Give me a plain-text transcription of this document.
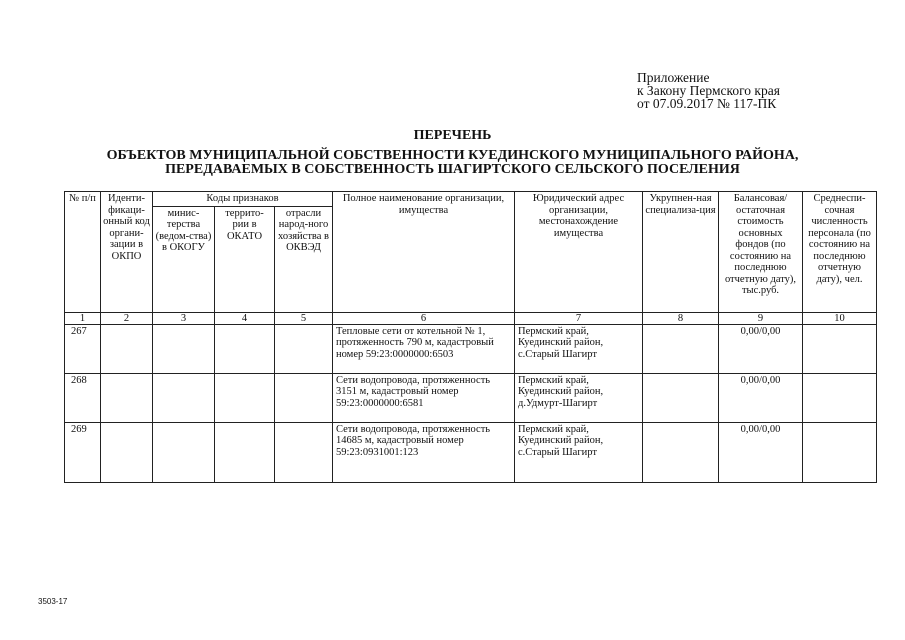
Приложение
к Закону Пермского края
от 07.09.2017 № 117-ПК
ПЕРЕЧЕНЬ
ОБЪЕКТОВ МУНИЦИПАЛЬНОЙ СОБСТВЕННОСТИ КУЕДИНСКОГО МУНИЦИПАЛЬНОГО РАЙОНА,
ПЕРЕДАВАЕМЫХ В СОБСТВЕННОСТЬ ШАГИРТСКОГО СЕЛЬСКОГО ПОСЕЛЕНИЯ
№ п/п	Иденти-фикаци-онный код органи-зации в ОКПО	Коды признаков			Полное наименование организации, имущества	Юридический адрес организации, местонахождение имущества	Укрупнен-ная специализа-ция	Балансовая/ остаточная стоимость основных фондов (по состоянию на последнюю отчетную дату), тыс.руб.	Среднеспи-сочная численность персонала (по состоянию на последнюю отчетную дату), чел.
		минис-терства (ведом-ства) в ОКОГУ	террито-рии в ОКАТО	отрасли народ-ного хозяйства в ОКВЭД					
1	2	3	4	5	6	7	8	9	10
267					Тепловые сети от котельной № 1, протяженность 790 м, кадастровый номер 59:23:0000000:6503	Пермский край, Куединский район, с.Старый Шагирт		0,00/0,00	
268					Сети водопровода, протяженность 3151 м, кадастровый номер 59:23:0000000:6581	Пермский край, Куединский район, д.Удмурт-Шагирт		0,00/0,00	
269					Сети водопровода, протяженность 14685 м, кадастровый номер 59:23:0931001:123	Пермский край, Куединский район, с.Старый Шагирт		0,00/0,00	
3503-17
